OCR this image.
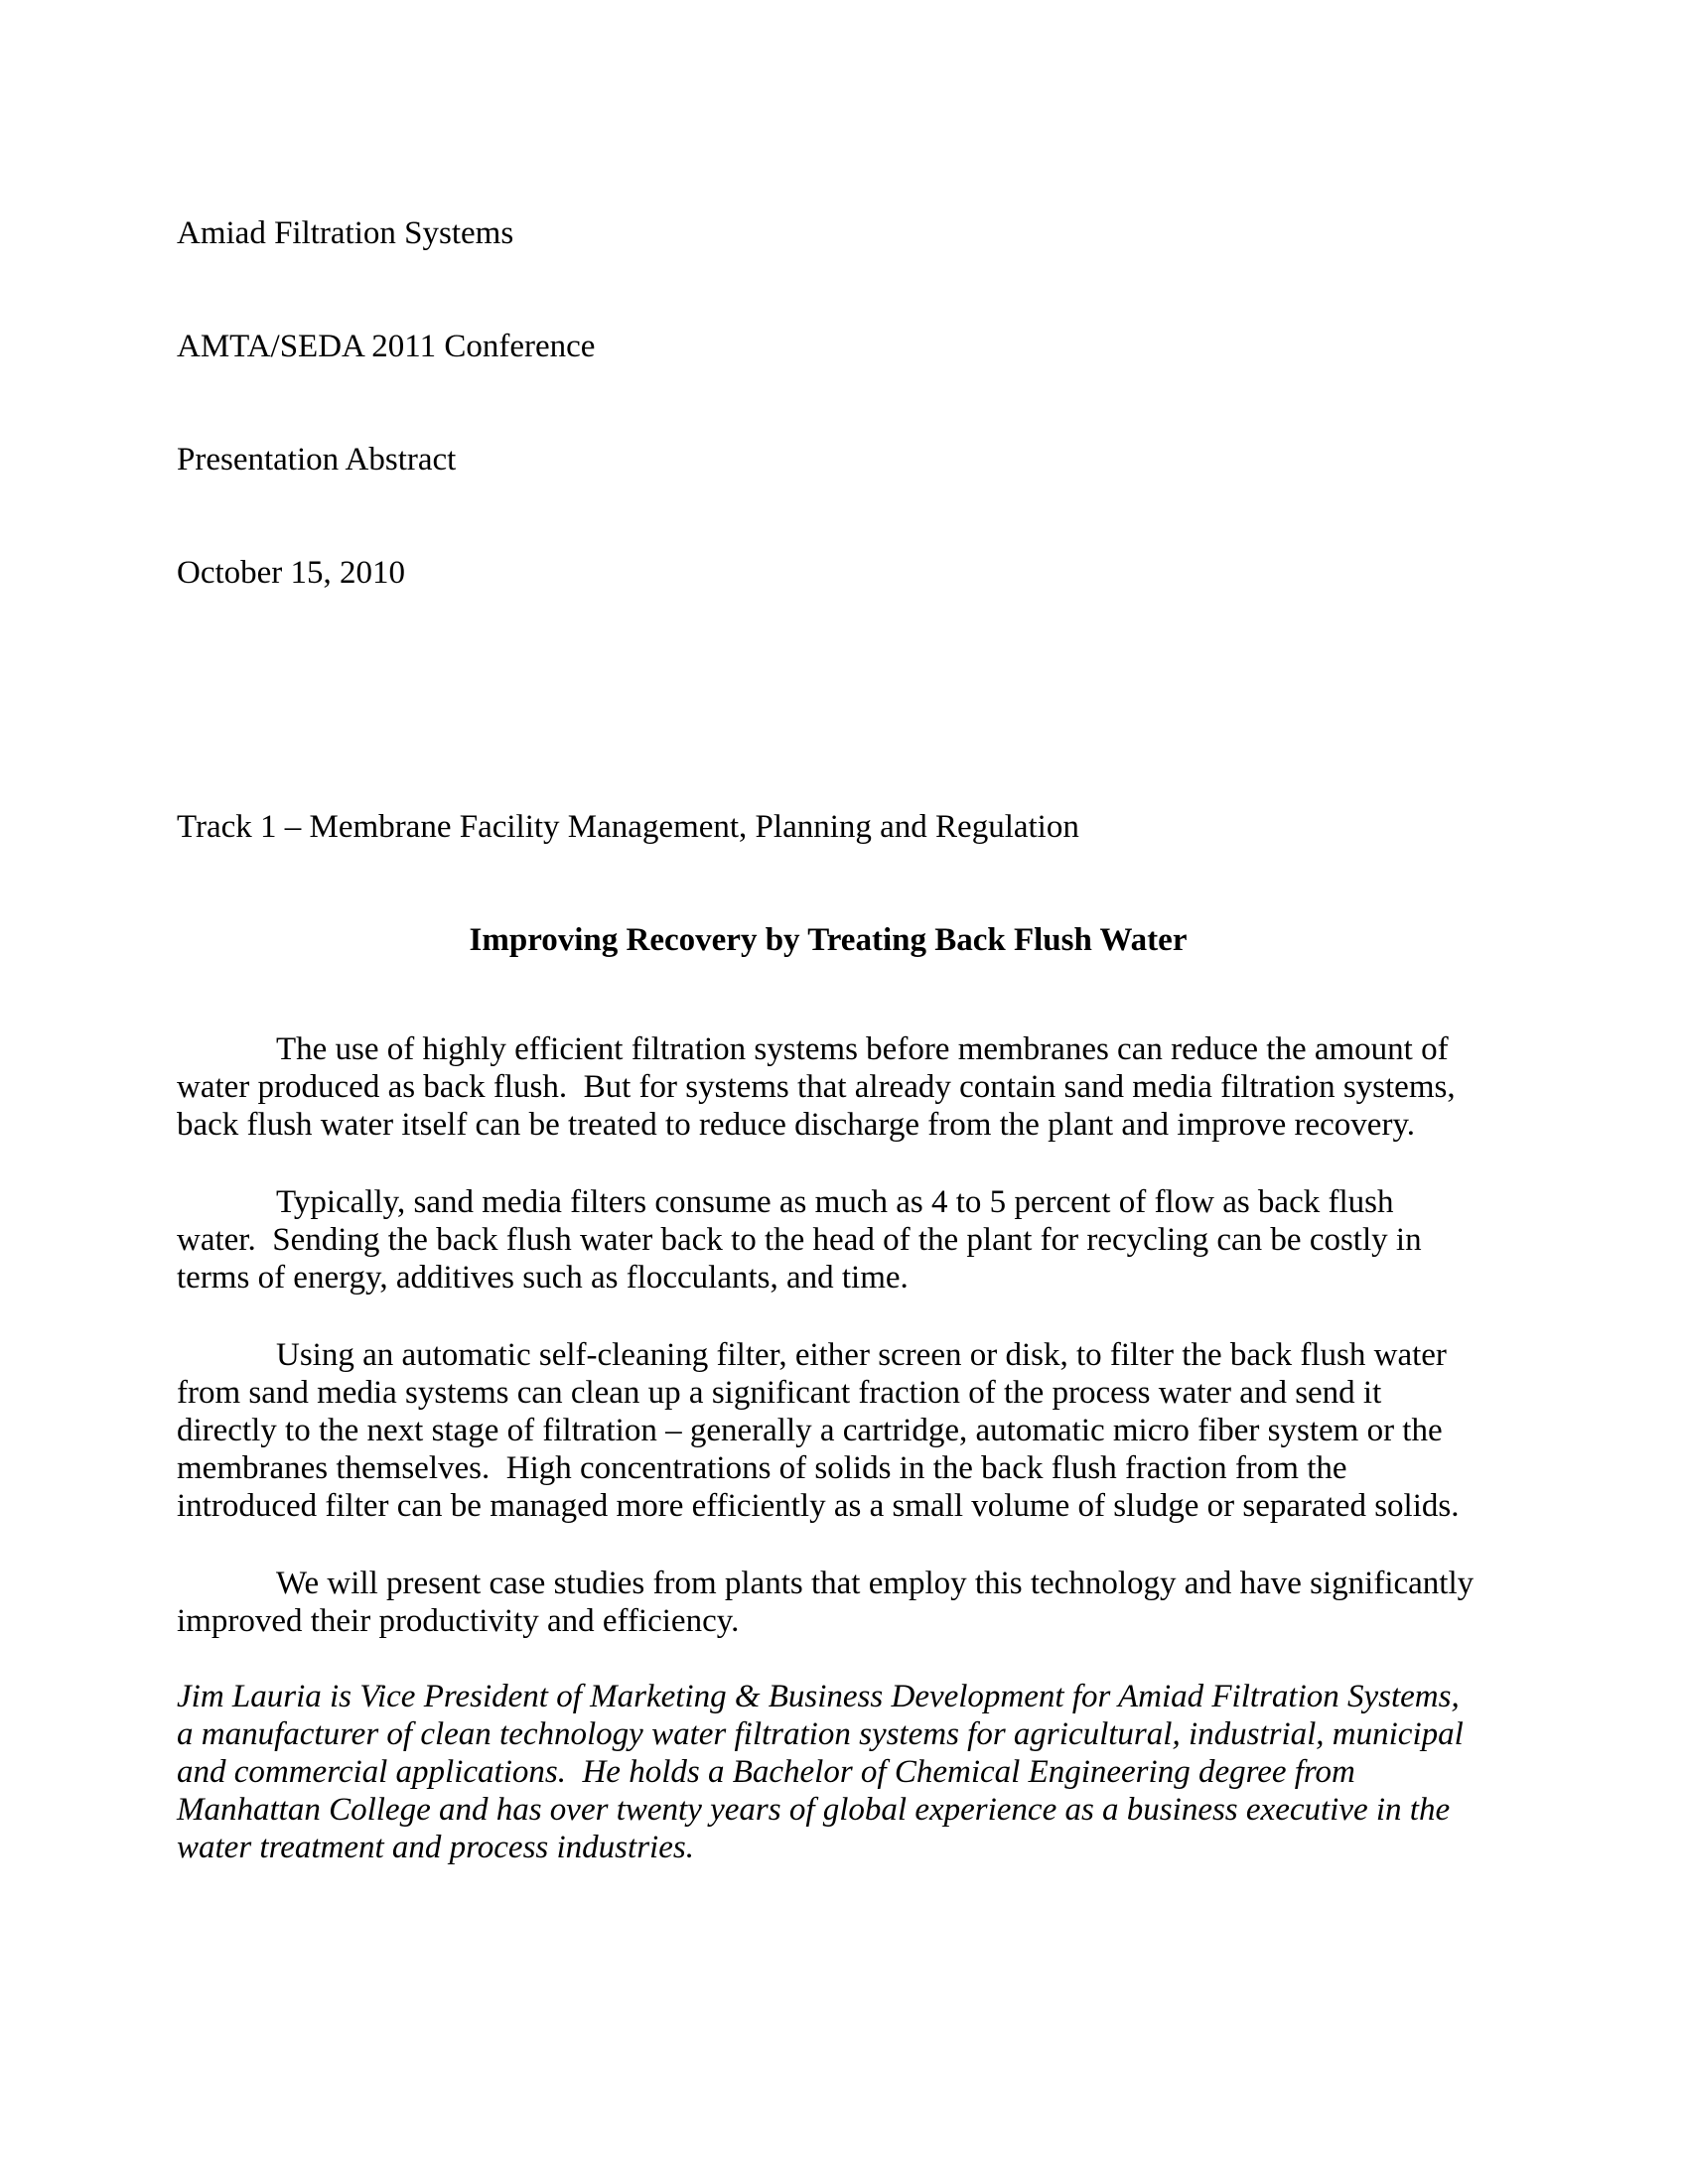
Amiad Filtration Systems

AMTA/SEDA 2011 Conference

Presentation Abstract

October 15, 2010

Track 1 – Membrane Facility Management, Planning and Regulation

Improving Recovery by Treating Back Flush Water

The use of highly efficient filtration systems before membranes can reduce the amount of water produced as back flush.  But for systems that already contain sand media filtration systems, back flush water itself can be treated to reduce discharge from the plant and improve recovery.

Typically, sand media filters consume as much as 4 to 5 percent of flow as back flush water.  Sending the back flush water back to the head of the plant for recycling can be costly in terms of energy, additives such as flocculants, and time.

Using an automatic self-cleaning filter, either screen or disk, to filter the back flush water from sand media systems can clean up a significant fraction of the process water and send it directly to the next stage of filtration – generally a cartridge, automatic micro fiber system or the membranes themselves.  High concentrations of solids in the back flush fraction from the introduced filter can be managed more efficiently as a small volume of sludge or separated solids.

We will present case studies from plants that employ this technology and have significantly improved their productivity and efficiency.

Jim Lauria is Vice President of Marketing & Business Development for Amiad Filtration Systems, a manufacturer of clean technology water filtration systems for agricultural, industrial, municipal and commercial applications.  He holds a Bachelor of Chemical Engineering degree from Manhattan College and has over twenty years of global experience as a business executive in the water treatment and process industries.
